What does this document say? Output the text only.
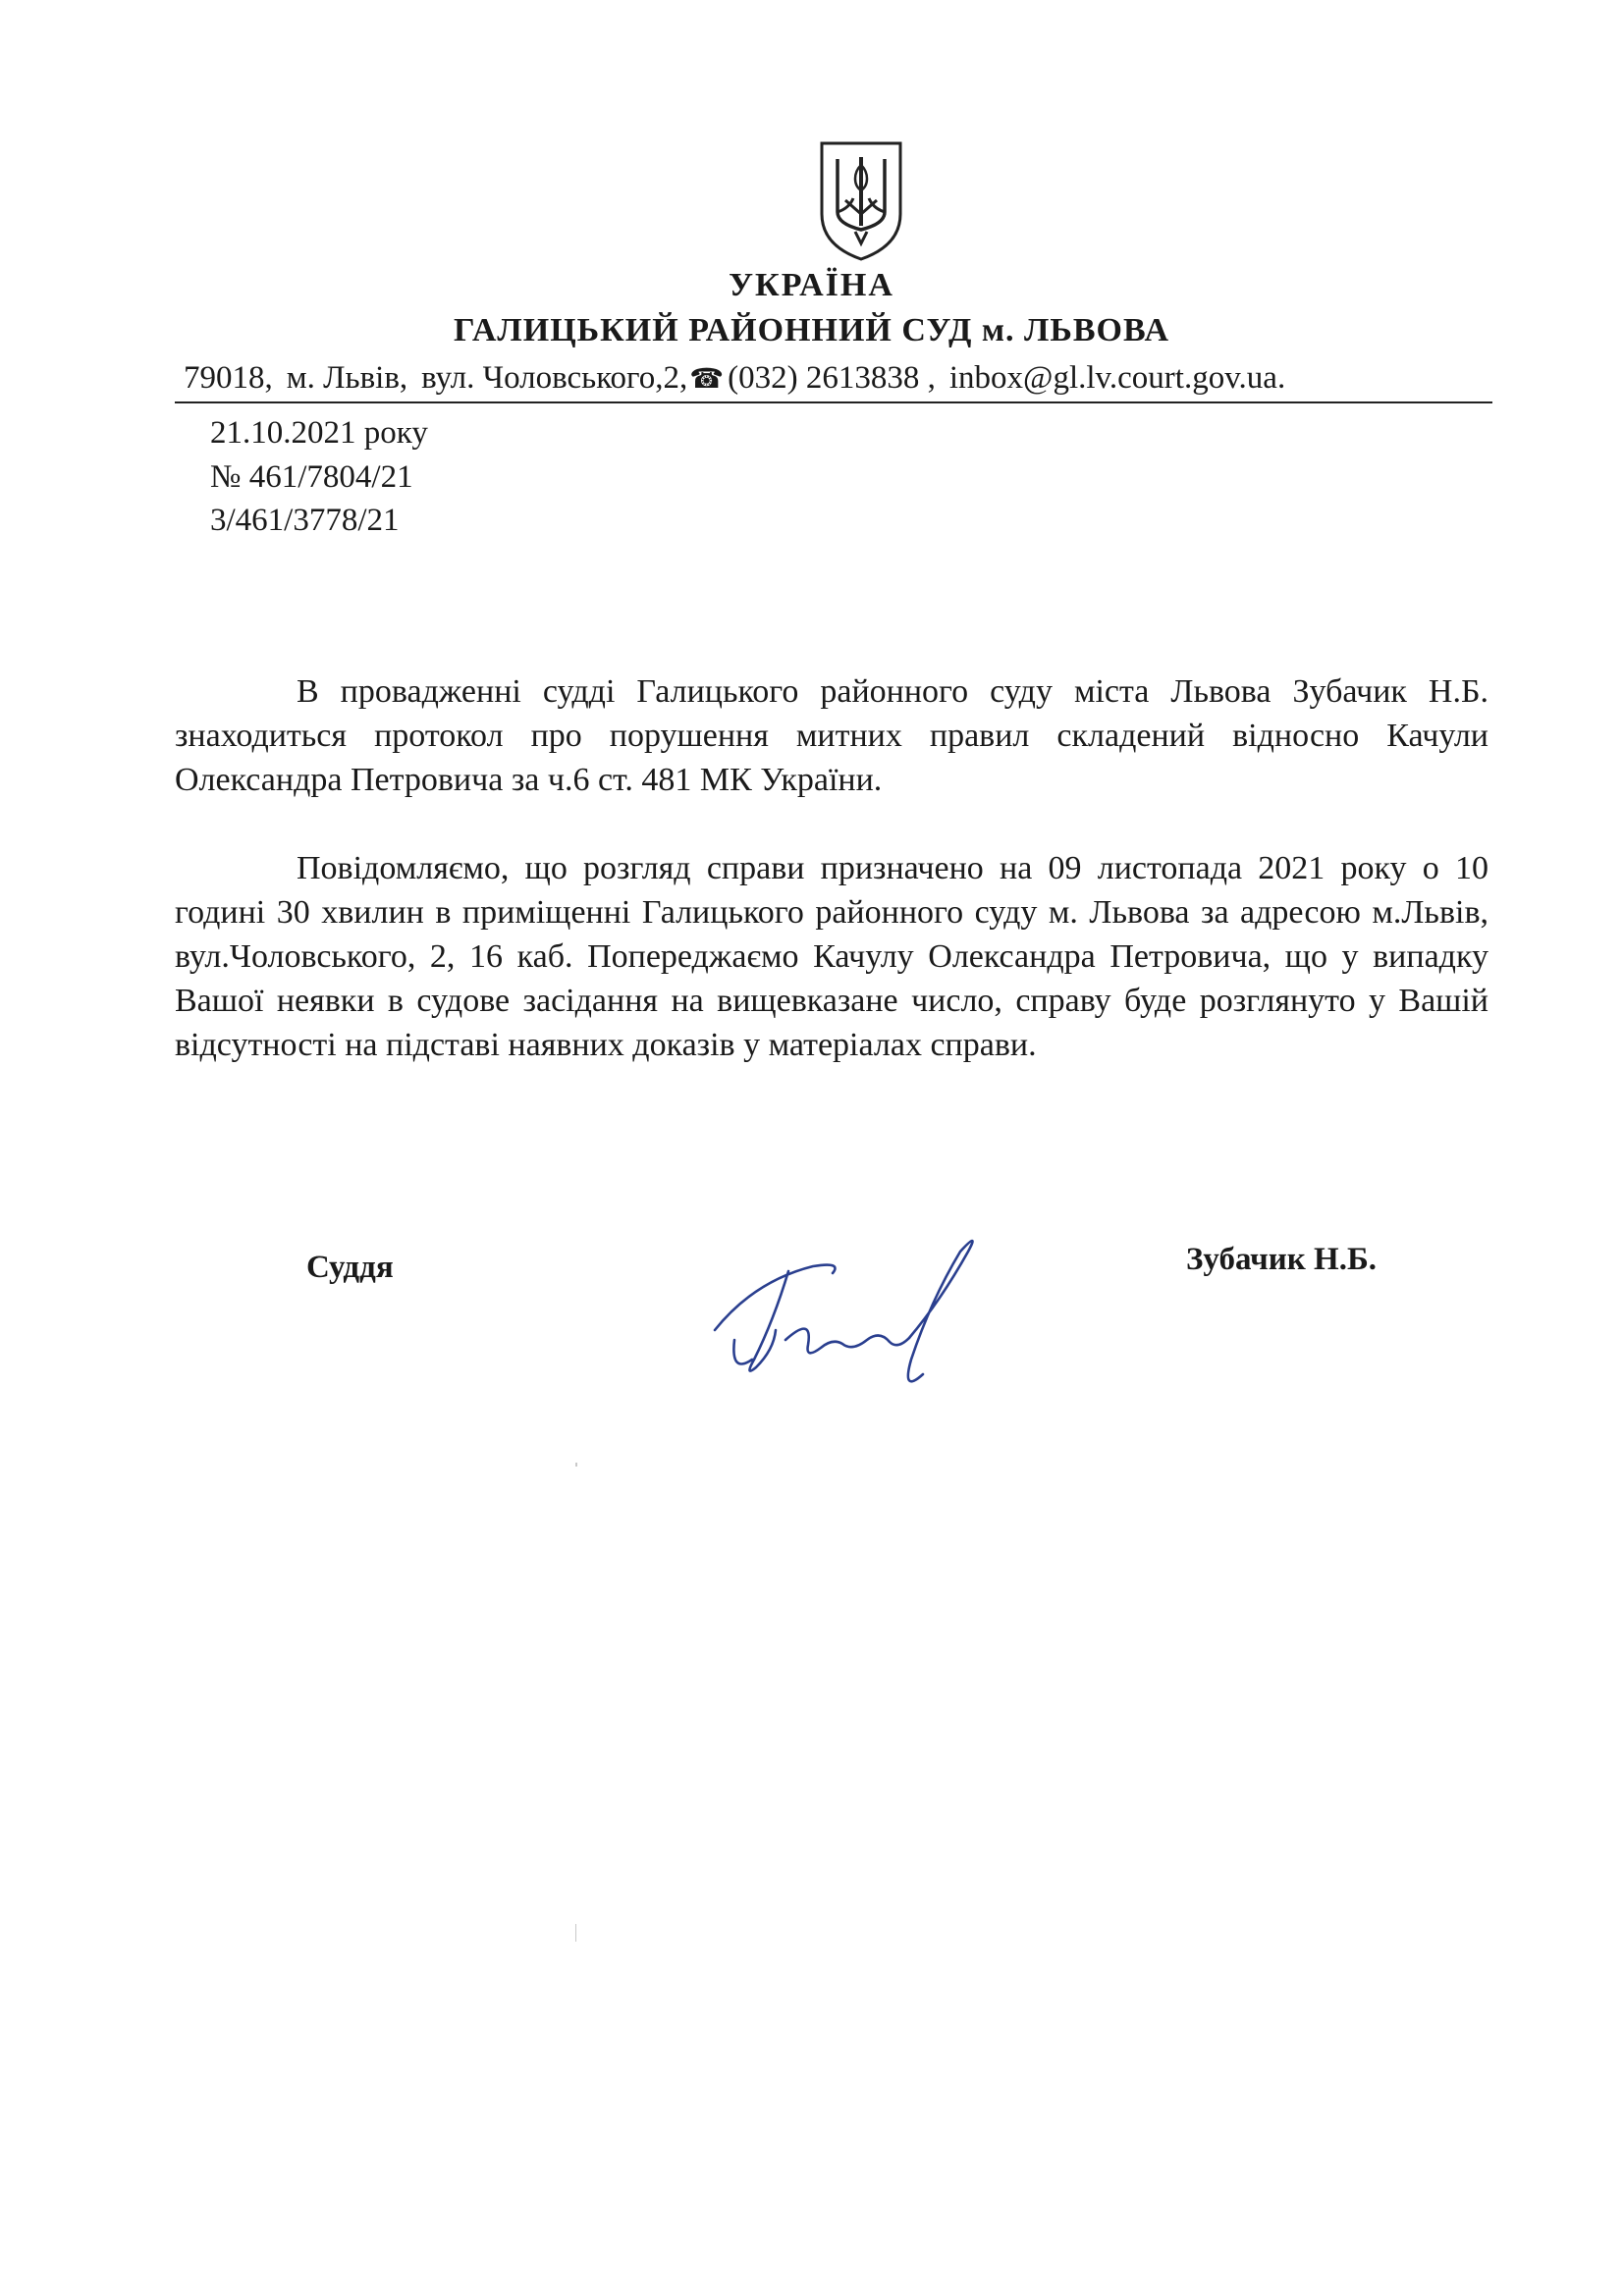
УКРАЇНА
ГАЛИЦЬКИЙ РАЙОННИЙ СУД м. ЛЬВОВА
79018, м. Львів, вул. Чоловського,2, ☎ (032) 2613838 , inbox@gl.lv.court.gov.ua.
21.10.2021 року
№ 461/7804/21
3/461/3778/21

В провадженні судді Галицького районного суду міста Львова Зубачик Н.Б. знаходиться протокол про порушення митних правил складений відносно Качули Олександра Петровича за ч.6 ст. 481 МК України.

Повідомляємо, що розгляд справи призначено на 09 листопада 2021 року о 10 годині 30 хвилин в приміщенні Галицького районного суду м. Львова за адресою м.Львів, вул.Чоловського, 2, 16 каб. Попереджаємо Качулу Олександра Петровича, що у випадку Вашої неявки в судове засідання на вищевказане число, справу буде розглянуто у Вашій відсутності на підставі наявних доказів у матеріалах справи.

Суддя	Зубачик Н.Б.
